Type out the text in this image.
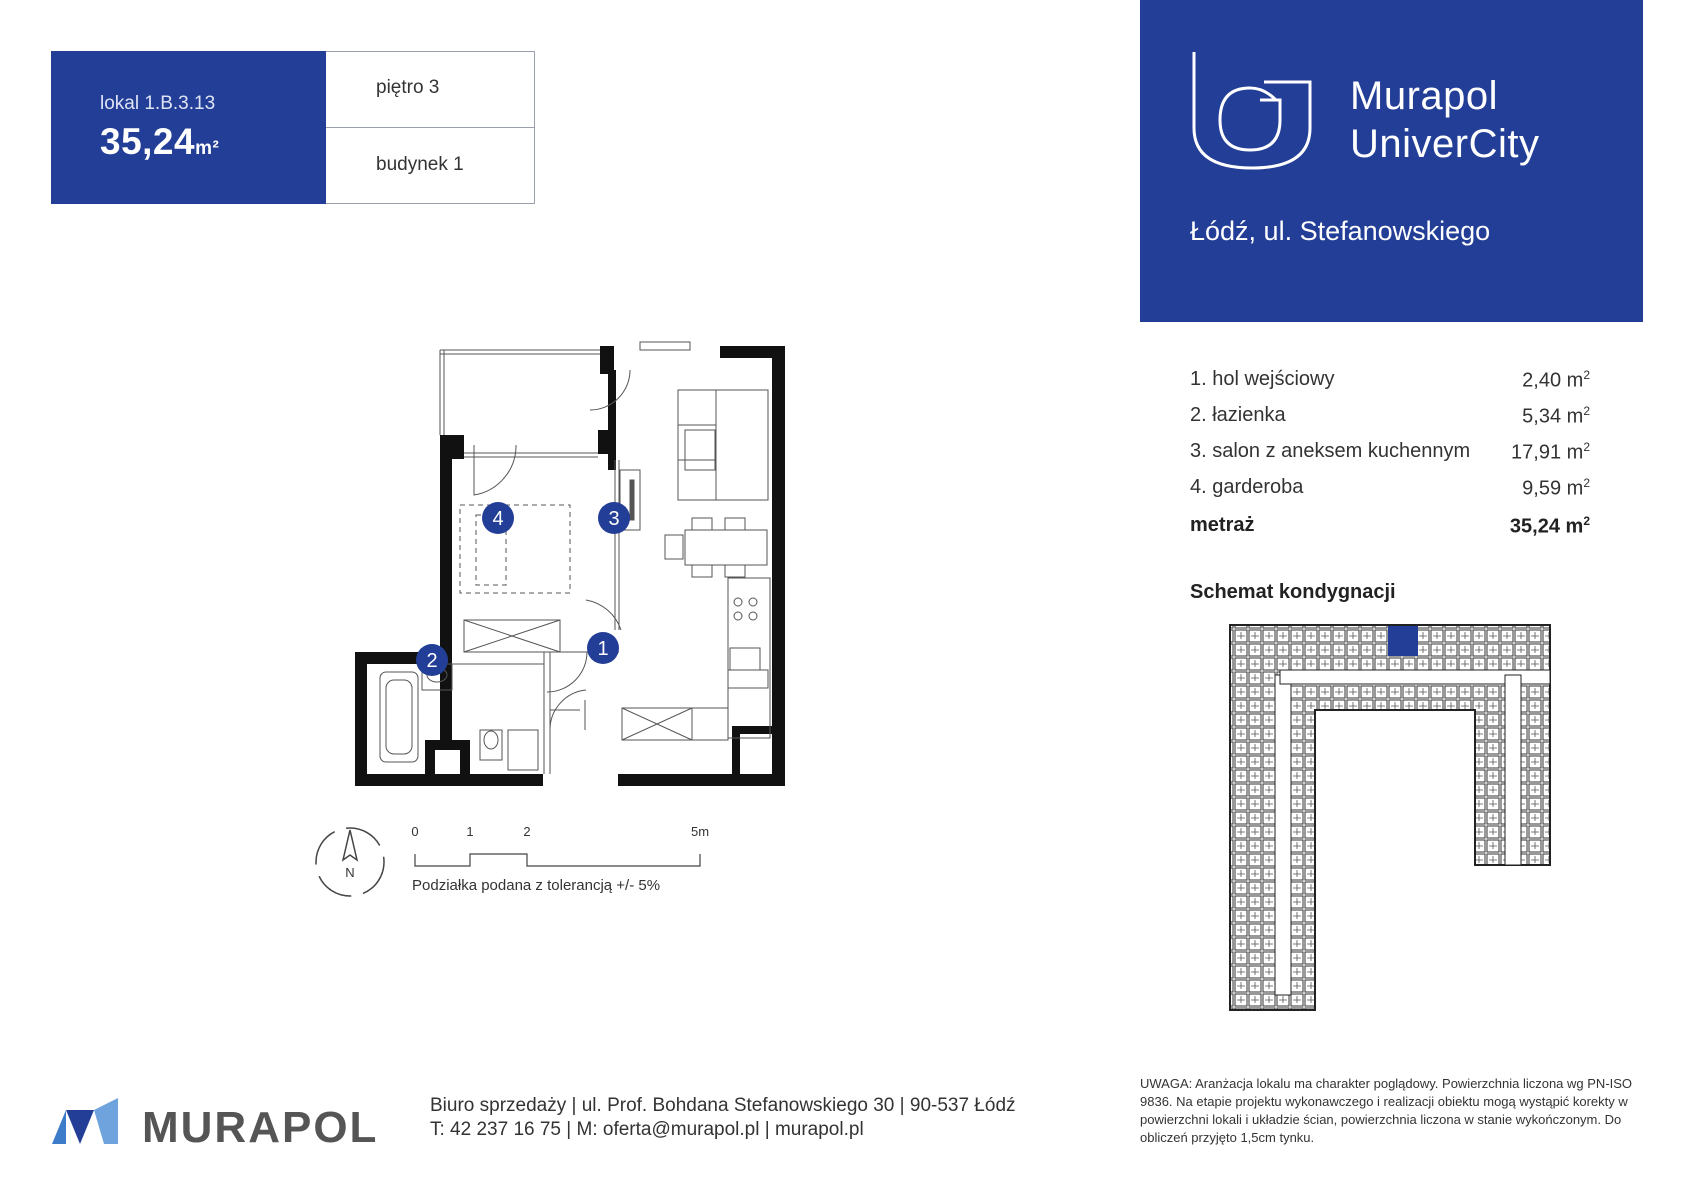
lokal 1.B.3.13
35,24m²
piętro 3
budynek 1
Murapol
UniverCity
Łódź, ul. Stefanowskiego
1. hol wejściowy	2,40 $m^2$
2. łazienka	5,34 $m^2$
3. salon z aneksem kuchennym 17,91 $m^2$
4. garderoba	9,59 $m^2$
metraż	35,24 $m^2$
Schemat kondygnacji
1
2
3
4
N
0	1	2	5m
Podziałka podana z tolerancją +/- 5%
MURAPOL	Biuro sprzedaży | ul. Prof. Bohdana Stefanowskiego 30 | 90-537 Łódź
T: 42 237 16 75 | M: oferta@murapol.pl | murapol.pl
UWAGA: Aranżacja lokalu ma charakter poglądowy. Powierzchnia liczona wg PN-ISO 9836. Na etapie projektu wykonawczego i realizacji obiektu mogą wystąpić korekty w powierzchni lokali i układzie ścian, powierzchnia liczona w stanie wykończonym. Do obliczeń przyjęto 1,5cm tynku.
